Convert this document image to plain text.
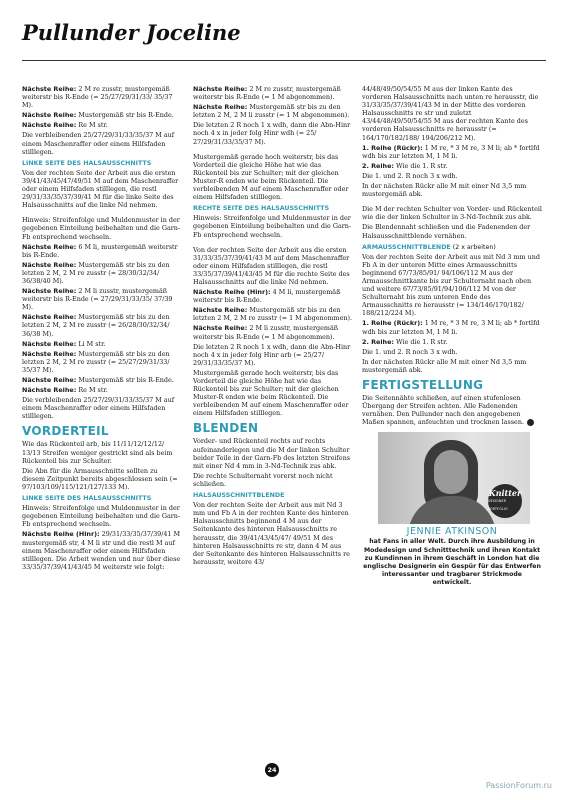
Pullunder Joceline

Nächste Reihe: 2 M re zusstr, mustergemäß weiterstr bis R-Ende (= 25/27/29/31/33/ 35/37 M).

Nächste Reihe: Mustergemäß str bis R-Ende.

Nächste Reihe: Re M str.

Die verbleibenden 25/27/29/31/33/35/37 M auf einem Maschenraffer oder einem Hilfsfaden stilllegen.

LINKE SEITE DES HALSAUSSCHNITTS

Von der rechten Seite der Arbeit aus die ersten 39/41/43/45/47/49/51 M auf dem Maschenraffer oder einem Hilfsfaden stilllegen, die restl 29/31/33/35/37/39/41 M für die linke Seite des Halsausschnitts auf die linke Nd nehmen.

Hinweis: Streifenfolge und Muldenmuster in der gegebenen Einteilung beibehalten und die Garn-Fb entsprechend wechseln.

Nächste Reihe: 6 M li, mustergemäß weiterstr bis R-Ende.

Nächste Reihe: Mustergemäß str bis zu den letzten 2 M, 2 M re zusstr (= 28/30/32/34/ 36/38/40 M).

Nächste Reihe: 2 M li zusstr, mustergemäß weiterstr bis R-Ende (= 27/29/31/33/35/ 37/39 M).

Nächste Reihe: Mustergemäß str bis zu den letzten 2 M, 2 M re zusstr (= 26/28/30/32/34/ 36/38 M).

Nächste Reihe: Li M str.

Nächste Reihe: Mustergemäß str bis zu den letzten 2 M, 2 M re zusstr (= 25/27/29/31/33/ 35/37 M).

Nächste Reihe: Mustergemäß str bis R-Ende.

Nächste Reihe: Re M str.

Die verbleibenden 25/27/29/31/33/35/37 M auf einem Maschenraffer oder einem Hilfsfaden stilllegen.

VORDERTEIL

Wie das Rückenteil arb, bis 11/11/12/12/12/ 13/13 Streifen weniger gestrickt sind als beim Rückenteil bis zur Schulter.

Die Abn für die Armausschnitte sollten zu diesem Zeitpunkt bereits abgeschlossen sein (= 97/103/109/115/121/127/133 M).

LINKE SEITE DES HALSAUSSCHNITTS

Hinweis: Streifenfolge und Muldenmuster in der gegebenen Einteilung beibehalten und die Garn-Fb entsprechend wechseln.

Nächste Reihe (Hinr): 29/31/33/35/37/39/41 M mustergemäß str, 4 M li str und die restl M auf einem Maschenraffer oder einem Hilfsfaden stilllegen. Die Arbeit wenden und nur über diese 33/35/37/39/41/43/45 M weiterstr wie folgt:

Nächste Reihe: 2 M re zusstr, mustergemäß weiterstr bis R-Ende (= 1 M abgenommen).

Nächste Reihe: Mustergemäß str bis zu den letzten 2 M, 2 M li zusstr (= 1 M abgenommen).

Die letzten 2 R noch 1 x wdh, dann die Abn-Hinr noch 4 x in jeder folg Hinr wdh (= 25/ 27/29/31/33/35/37 M).

Mustergemäß gerade hoch weiterstr, bis das Vorderteil die gleiche Höhe hat wie das Rückenteil bis zur Schulter; mit der gleichen Muster-R enden wie beim Rückenteil. Die verbleibenden M auf einem Maschenraffer oder einem Hilfsfaden stilllegen.

RECHTE SEITE DES HALSAUSSCHNITTS

Hinweis: Streifenfolge und Muldenmuster in der gegebenen Einteilung beibehalten und die Garn-Fb entsprechend wechseln.

Von der rechten Seite der Arbeit aus die ersten 31/33/35/37/39/41/43 M auf dem Maschenraffer oder einem Hilfsfaden stilllegen, die restl 33/35/37/39/41/43/45 M für die rechte Seite des Halsausschnitts auf die linke Nd nehmen.

Nächste Reihe (Hinr): 4 M li, mustergemäß weiterstr bis R-Ende.

Nächste Reihe: Mustergemäß str bis zu den letzten 2 M, 2 M re zusstr (= 1 M abgenommen).

Nächste Reihe: 2 M li zusstr, mustergemäß weiterstr bis R-Ende (= 1 M abgenommen).

Die letzten 2 R noch 1 x wdh, dann die Abn-Hinr noch 4 x in jeder folg Hinr arb (= 25/27/ 29/31/33/35/37 M).

Mustergemäß gerade hoch weiterstr, bis das Vorderteil die gleiche Höhe hat wie das Rückenteil bis zur Schulter; mit der gleichen Muster-R enden wie beim Rückenteil. Die verbleibenden M auf einem Maschenraffer oder einem Hilfsfaden stilllegen.

BLENDEN

Vorder- und Rückenteil rechts auf rechts aufeinanderlegen und die M der linken Schulter beider Teile in der Garn-Fb des letzten Streifens mit einer Nd 4 mm in 3-Nd-Technik zus abk.

Die rechte Schulternaht vorerst noch nicht schließen.

HALSAUSSCHNITTBLENDE

Von der rechten Seite der Arbeit aus mit Nd 3 mm und Fb A in der rechten Kante des hinteren Halsausschnitts beginnend 4 M aus der Seitenkante des hinteren Halsausschnitts re herausstr, die 39/41/43/45/47/ 49/51 M des hinteren Halsausschnitts re str, dann 4 M aus der Seitenkante des hinteren Halsausschnitts re herausstr, weitere 43/

44/48/49/50/54/55 M aus der linken Kante des vorderen Halsausschnitts nach unten re herausstr, die 31/33/35/37/39/41/43 M in der Mitte des vorderen Halsausschnitts re str und zuletzt 43/44/48/49/50/54/55 M aus der rechten Kante des vorderen Halsausschnitts re herausstr (= 164/170/182/188/ 194/206/212 M).

1. Reihe (Rückr): 1 M re, * 3 M re, 3 M li; ab * fortlfd wdh bis zur letzten M, 1 M li.

2. Reihe: Wie die 1. R str.

Die 1. und 2. R noch 3 x wdh.

In der nächsten Rückr alle M mit einer Nd 3,5 mm mustergemäß abk.

Die M der rechten Schulter von Vorder- und Rückenteil wie die der linken Schulter in 3-Nd-Technik zus abk.

Die Blendennaht schließen und die Fadenenden der Halsausschnittblende vernähen.

ARMAUSSCHNITTBLENDE (2 x arbeiten)

Von der rechten Seite der Arbeit aus mit Nd 3 mm und Fb A in der unteren Mitte eines Armausschnitts beginnend 67/73/85/91/ 94/106/112 M aus der Armausschnittkante bis zur Schulternaht nach oben und weitere 67/73/85/91/94/106/112 M von der Schulternaht bis zum unteren Ende des Armausschnitts re herausstr (= 134/146/170/182/ 188/212/224 M).

1. Reihe (Rückr): 1 M re, * 3 M re, 3 M li; ab * fortlfd wdh bis zur letzten M, 1 M li.

2. Reihe: Wie die 1. R str.

Die 1. und 2. R noch 3 x wdh.

In der nächsten Rückr alle M mit einer Nd 3,5 mm mustergemäß abk.

FERTIGSTELLUNG

Die Seitennähte schließen, auf einen stufenlosen Übergang der Streifen achten. Alle Fadenenden vernähen. Den Pullunder nach den angegebenen Maßen spannen, anfeuchten und trocknen lassen.

Knitter
DESIGNER PORTFOLIO

JENNIE ATKINSON

hat Fans in aller Welt. Durch ihre Ausbildung in Modedesign und Schnitttechnik und ihren Kontakt zu Kundinnen in ihrem Geschäft in London hat die englische Designerin ein Gespür für das Entwerfen interessanter und tragbarer Strickmode entwickelt.

24
PassionForum.ru
